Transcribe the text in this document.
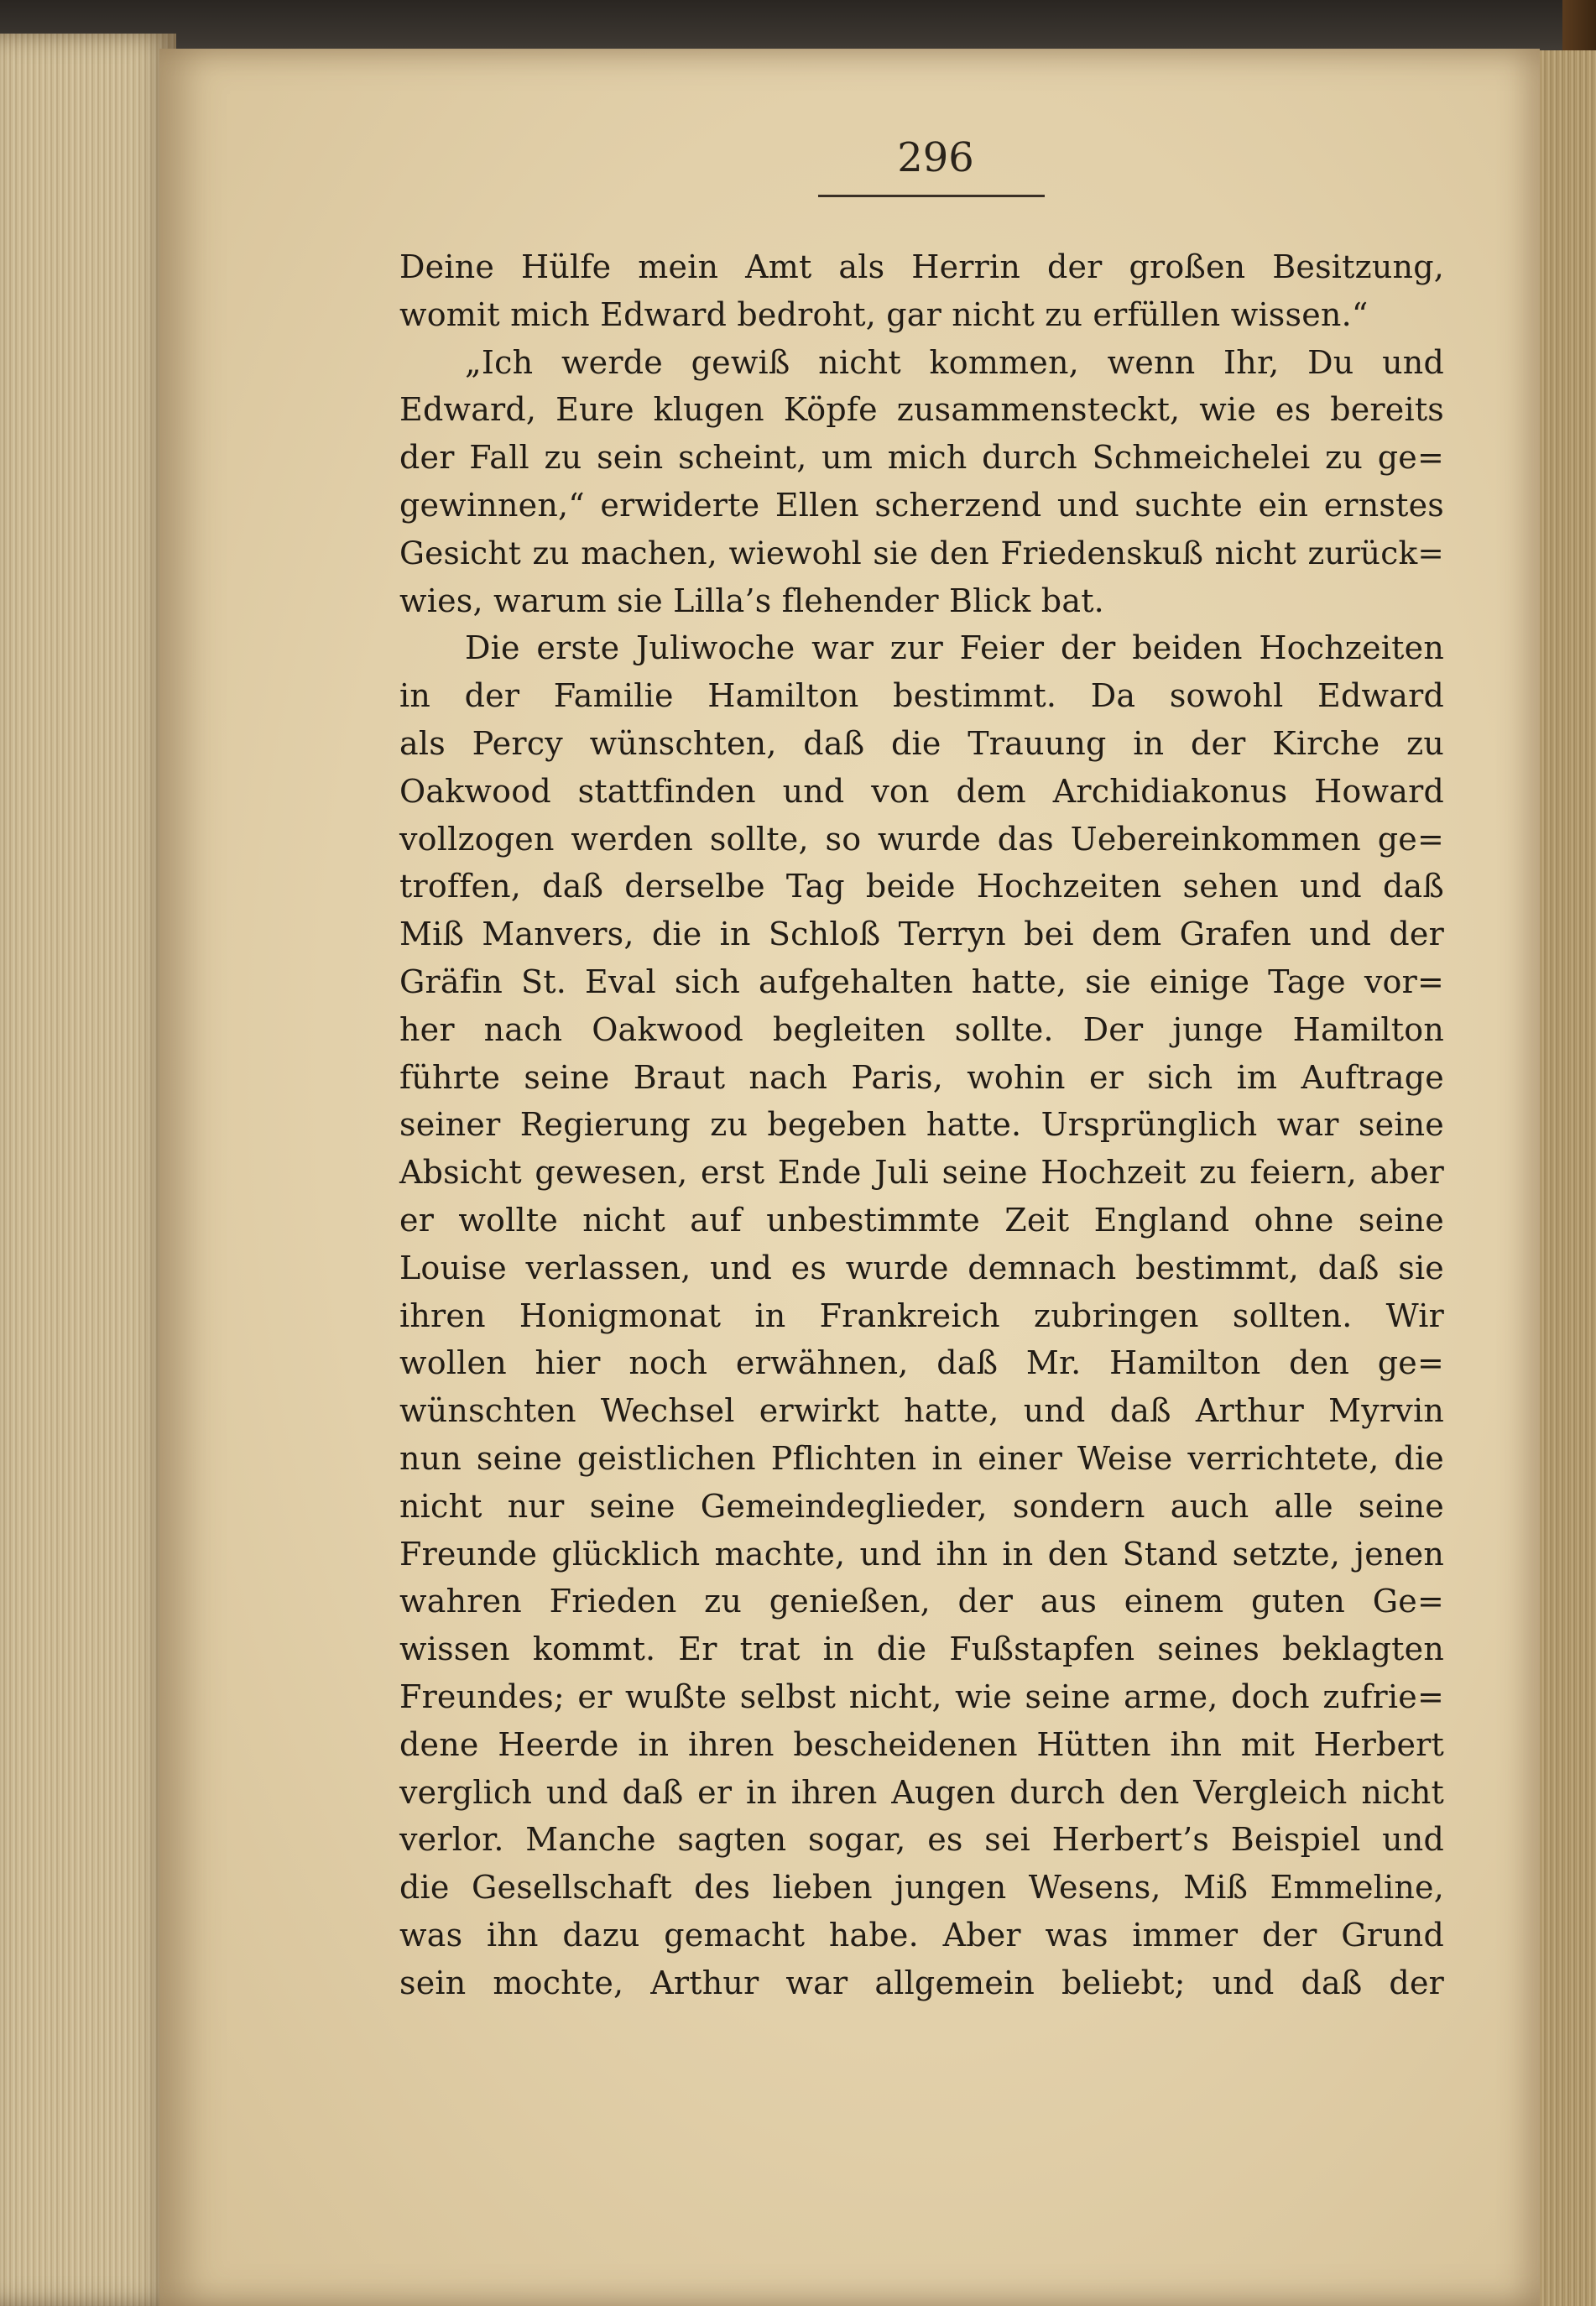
296
Deine Hülfe mein Amt als Herrin der großen Besitzung,
womit mich Edward bedroht, gar nicht zu erfüllen wissen.“
„Ich werde gewiß nicht kommen, wenn Ihr, Du und
Edward, Eure klugen Köpfe zusammensteckt, wie es bereits
der Fall zu sein scheint, um mich durch Schmeichelei zu ge=
gewinnen,“ erwiderte Ellen scherzend und suchte ein ernstes
Gesicht zu machen, wiewohl sie den Friedenskuß nicht zurück=
wies, warum sie Lilla’s flehender Blick bat.
Die erste Juliwoche war zur Feier der beiden Hochzeiten
in der Familie Hamilton bestimmt. Da sowohl Edward
als Percy wünschten, daß die Trauung in der Kirche zu
Oakwood stattfinden und von dem Archidiakonus Howard
vollzogen werden sollte, so wurde das Uebereinkommen ge=
troffen, daß derselbe Tag beide Hochzeiten sehen und daß
Miß Manvers, die in Schloß Terryn bei dem Grafen und der
Gräfin St. Eval sich aufgehalten hatte, sie einige Tage vor=
her nach Oakwood begleiten sollte. Der junge Hamilton
führte seine Braut nach Paris, wohin er sich im Auftrage
seiner Regierung zu begeben hatte. Ursprünglich war seine
Absicht gewesen, erst Ende Juli seine Hochzeit zu feiern, aber
er wollte nicht auf unbestimmte Zeit England ohne seine
Louise verlassen, und es wurde demnach bestimmt, daß sie
ihren Honigmonat in Frankreich zubringen sollten. Wir
wollen hier noch erwähnen, daß Mr. Hamilton den ge=
wünschten Wechsel erwirkt hatte, und daß Arthur Myrvin
nun seine geistlichen Pflichten in einer Weise verrichtete, die
nicht nur seine Gemeindeglieder, sondern auch alle seine
Freunde glücklich machte, und ihn in den Stand setzte, jenen
wahren Frieden zu genießen, der aus einem guten Ge=
wissen kommt. Er trat in die Fußstapfen seines beklagten
Freundes; er wußte selbst nicht, wie seine arme, doch zufrie=
dene Heerde in ihren bescheidenen Hütten ihn mit Herbert
verglich und daß er in ihren Augen durch den Vergleich nicht
verlor. Manche sagten sogar, es sei Herbert’s Beispiel und
die Gesellschaft des lieben jungen Wesens, Miß Emmeline,
was ihn dazu gemacht habe. Aber was immer der Grund
sein mochte, Arthur war allgemein beliebt; und daß der
